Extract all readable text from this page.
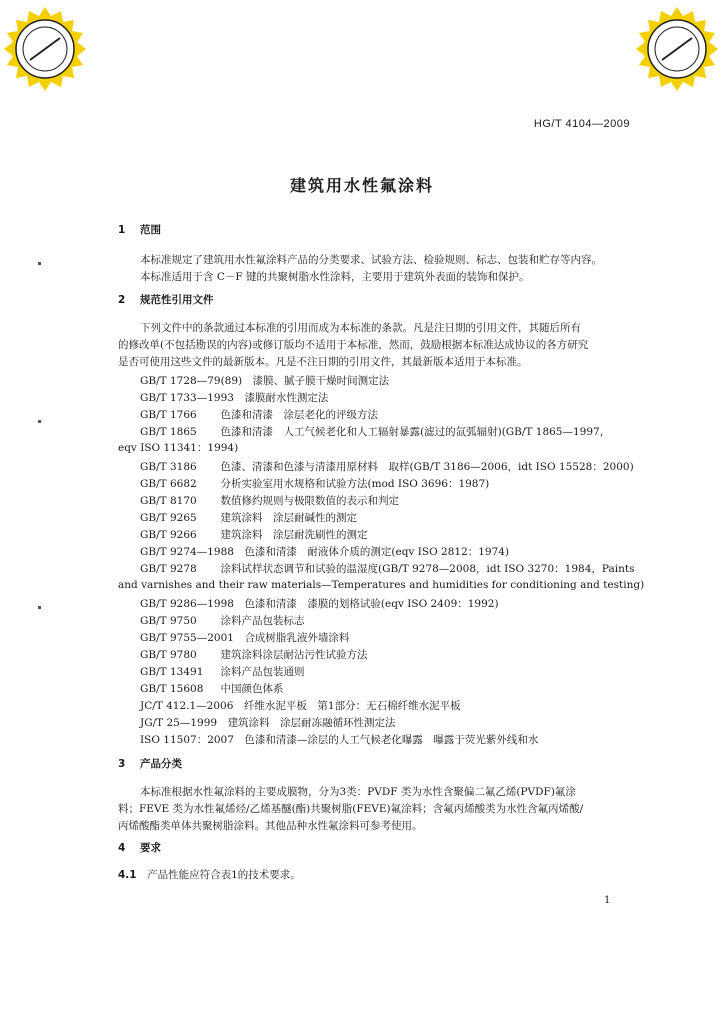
HG/T 4104—2009
建筑用水性氟涂料
1 范围
本标准规定了建筑用水性氟涂料产品的分类要求、试验方法、检验规则、标志、包装和贮存等内容。
本标准适用于含 C－F 键的共聚树脂水性涂料，主要用于建筑外表面的装饰和保护。
2 规范性引用文件
下列文件中的条款通过本标准的引用而成为本标准的条款。凡是注日期的引用文件，其随后所有
的修改单(不包括勘误的内容)或修订版均不适用于本标准，然而，鼓励根据本标准达成协议的各方研究
是否可使用这些文件的最新版本。凡是不注日期的引用文件，其最新版本适用于本标准。
GB/T 1728—79(89)　 漆膜、腻子膜干燥时间测定法
GB/T 1733—1993　 漆膜耐水性测定法
GB/T 1766　 色漆和清漆　涂层老化的评级方法
GB/T 1865　 色漆和清漆　人工气候老化和人工辐射暴露(滤过的氙弧辐射)(GB/T 1865—1997，
eqv ISO 11341：1994)
GB/T 3186　 色漆、清漆和色漆与清漆用原材料　取样(GB/T 3186—2006，idt ISO 15528：2000)
GB/T 6682　 分析实验室用水规格和试验方法(mod ISO 3696：1987)
GB/T 8170　 数值修约规则与极限数值的表示和判定
GB/T 9265　 建筑涂料　涂层耐碱性的测定
GB/T 9266　 建筑涂料　涂层耐洗刷性的测定
GB/T 9274—1988　 色漆和清漆　耐液体介质的测定(eqv ISO 2812：1974)
GB/T 9278　 涂料试样状态调节和试验的温湿度(GB/T 9278—2008，idt ISO 3270：1984，Paints
and varnishes and their raw materials—Temperatures and humidities for conditioning and testing)
GB/T 9286—1998　 色漆和清漆　漆膜的划格试验(eqv ISO 2409：1992)
GB/T 9750　 涂料产品包装标志
GB/T 9755—2001　 合成树脂乳液外墙涂料
GB/T 9780　 建筑涂料涂层耐沾污性试验方法
GB/T 13491　 涂料产品包装通则
GB/T 15608　 中国颜色体系
JC/T 412.1—2006　 纤维水泥平板　第1部分：无石棉纤维水泥平板
JG/T 25—1999　 建筑涂料　涂层耐冻融循环性测定法
ISO 11507：2007　 色漆和清漆—涂层的人工气候老化曝露　曝露于荧光紫外线和水
3 产品分类
本标准根据水性氟涂料的主要成膜物，分为3类：PVDF 类为水性含聚偏二氟乙烯(PVDF)氟涂
料；FEVE 类为水性氟烯烃/乙烯基醚(酯)共聚树脂(FEVE)氟涂料；含氟丙烯酸类为水性含氟丙烯酸/
丙烯酸酯类单体共聚树脂涂料。其他品种水性氟涂料可参考使用。
4 要求
4.1　 产品性能应符合表1的技术要求。
1
